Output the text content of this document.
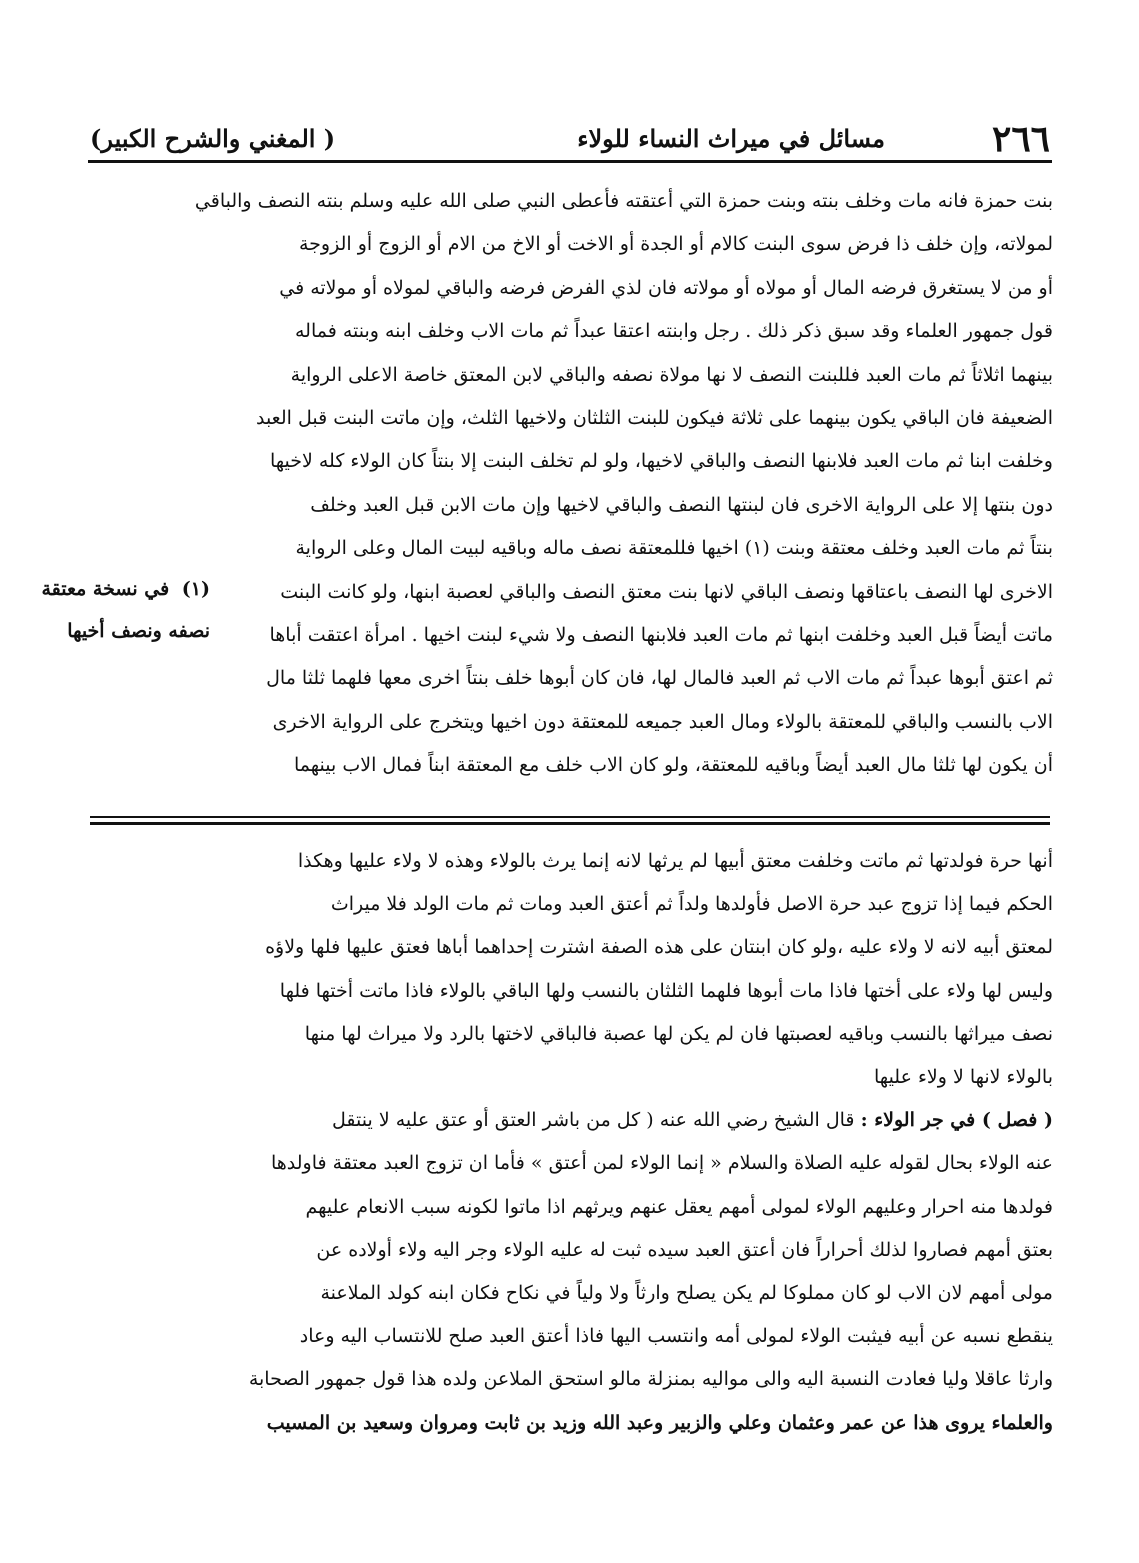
٢٦٦
مسائل في ميراث النساء للولاء
( المغني والشرح الكبير)

بنت حمزة فانه مات وخلف بنته وبنت حمزة التي أعتقته فأعطى النبي صلى الله عليه وسلم بنته النصف والباقي

لمولاته، وإن خلف ذا فرض سوى البنت كالام أو الجدة أو الاخت أو الاخ من الام أو الزوج أو الزوجة

أو من لا يستغرق فرضه المال أو مولاه أو مولاته فان لذي الفرض فرضه والباقي لمولاه أو مولاته في

قول جمهور العلماء وقد سبق ذكر ذلك . رجل وابنته اعتقا عبداً ثم مات الاب وخلف ابنه وبنته فماله

بينهما اثلاثاً ثم مات العبد فللبنت النصف لا نها مولاة نصفه والباقي لابن المعتق خاصة الاعلى الرواية

الضعيفة فان الباقي يكون بينهما على ثلاثة فيكون للبنت الثلثان ولاخيها الثلث، وإن ماتت البنت قبل العبد

وخلفت ابنا ثم مات العبد فلابنها النصف والباقي لاخيها، ولو لم تخلف البنت إلا بنتاً كان الولاء كله لاخيها

دون بنتها إلا على الرواية الاخرى فان لبنتها النصف والباقي لاخيها وإن مات الابن قبل العبد وخلف

بنتاً ثم مات العبد وخلف معتقة وبنت (١) اخيها فللمعتقة نصف ماله وباقيه لبيت المال وعلى الرواية

الاخرى لها النصف باعتاقها ونصف الباقي لانها بنت معتق النصف والباقي لعصبة ابنها، ولو كانت البنت

ماتت أيضاً قبل العبد وخلفت ابنها ثم مات العبد فلابنها النصف ولا شيء لبنت اخيها . امرأة اعتقت أباها

ثم اعتق أبوها عبداً ثم مات الاب ثم العبد فالمال لها، فان كان أبوها خلف بنتاً اخرى معها فلهما ثلثا مال

الاب بالنسب والباقي للمعتقة بالولاء ومال العبد جميعه للمعتقة دون اخيها ويتخرج على الرواية الاخرى

أن يكون لها ثلثا مال العبد أيضاً وباقيه للمعتقة، ولو كان الاب خلف مع المعتقة ابناً فمال الاب بينهما

(١) في نسخة معتقة نصفه ونصف أخيها

أنها حرة فولدتها ثم ماتت وخلفت معتق أبيها لم يرثها لانه إنما يرث بالولاء وهذه لا ولاء عليها وهكذا

الحكم فيما إذا تزوج عبد حرة الاصل فأولدها ولداً ثم أعتق العبد ومات ثم مات الولد فلا ميراث

لمعتق أبيه لانه لا ولاء عليه ،ولو كان ابنتان على هذه الصفة اشترت إحداهما أباها فعتق عليها فلها ولاؤه

وليس لها ولاء على أختها فاذا مات أبوها فلهما الثلثان بالنسب ولها الباقي بالولاء فاذا ماتت أختها فلها

نصف ميراثها بالنسب وباقيه لعصبتها فان لم يكن لها عصبة فالباقي لاختها بالرد ولا ميراث لها منها

بالولاء لانها لا ولاء عليها

( فصل ) في جر الولاء : قال الشيخ رضي الله عنه ( كل من باشر العتق أو عتق عليه لا ينتقل

عنه الولاء بحال لقوله عليه الصلاة والسلام « إنما الولاء لمن أعتق » فأما ان تزوج العبد معتقة فاولدها

فولدها منه احرار وعليهم الولاء لمولى أمهم يعقل عنهم ويرثهم اذا ماتوا لكونه سبب الانعام عليهم

بعتق أمهم فصاروا لذلك أحراراً فان أعتق العبد سيده ثبت له عليه الولاء وجر اليه ولاء أولاده عن

مولى أمهم لان الاب لو كان مملوكا لم يكن يصلح وارثاً ولا ولياً في نكاح فكان ابنه كولد الملاعنة

ينقطع نسبه عن أبيه فيثبت الولاء لمولى أمه وانتسب اليها فاذا أعتق العبد صلح للانتساب اليه وعاد

وارثا عاقلا وليا فعادت النسبة اليه والى مواليه بمنزلة مالو استحق الملاعن ولده هذا قول جمهور الصحابة

والعلماء يروى هذا عن عمر وعثمان وعلي والزبير وعبد الله وزيد بن ثابت ومروان وسعيد بن المسيب
